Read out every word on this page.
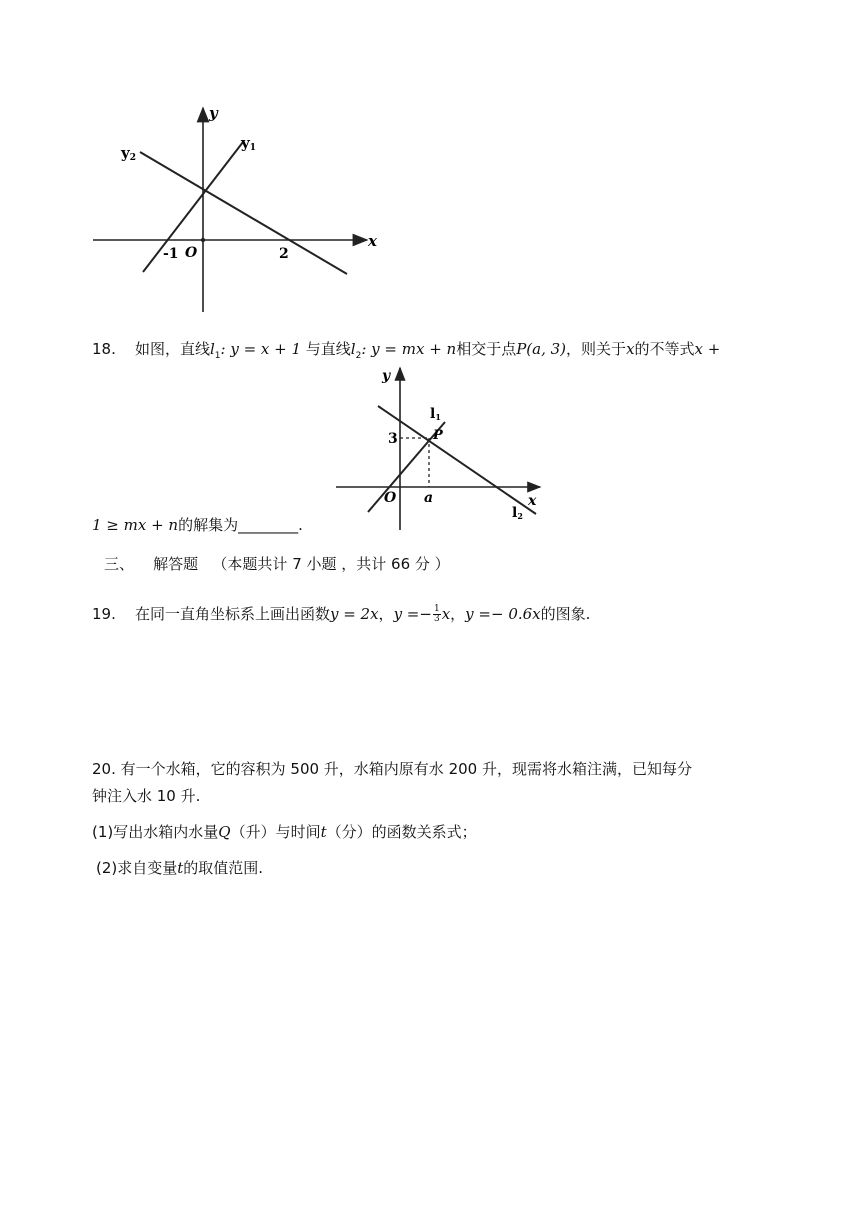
y
x
O
-1	2
y1
y2
18. 如图，直线$l_1$: y = x + 1 与直线$l_2$: y = mx + n相交于点P(a, 3)，则关于x的不等式x +
y
x
O
3
a
P
l1
l2
1 ≥ mx + n的解集为________.
三、 解答题 （本题共计 7 小题 ，共计 66 分 ）
19. 在同一直角坐标系上画出函数y = 2x，$y =- \frac{1}{3}$ x，y =− 0.6x的图象.
20. 有一个水箱，它的容积为 500 升，水箱内原有水 200 升，现需将水箱注满，已知每分
钟注入水 10 升.
(1)写出水箱内水量Q（升）与时间t（分）的函数关系式；
(2)求自变量t的取值范围.
